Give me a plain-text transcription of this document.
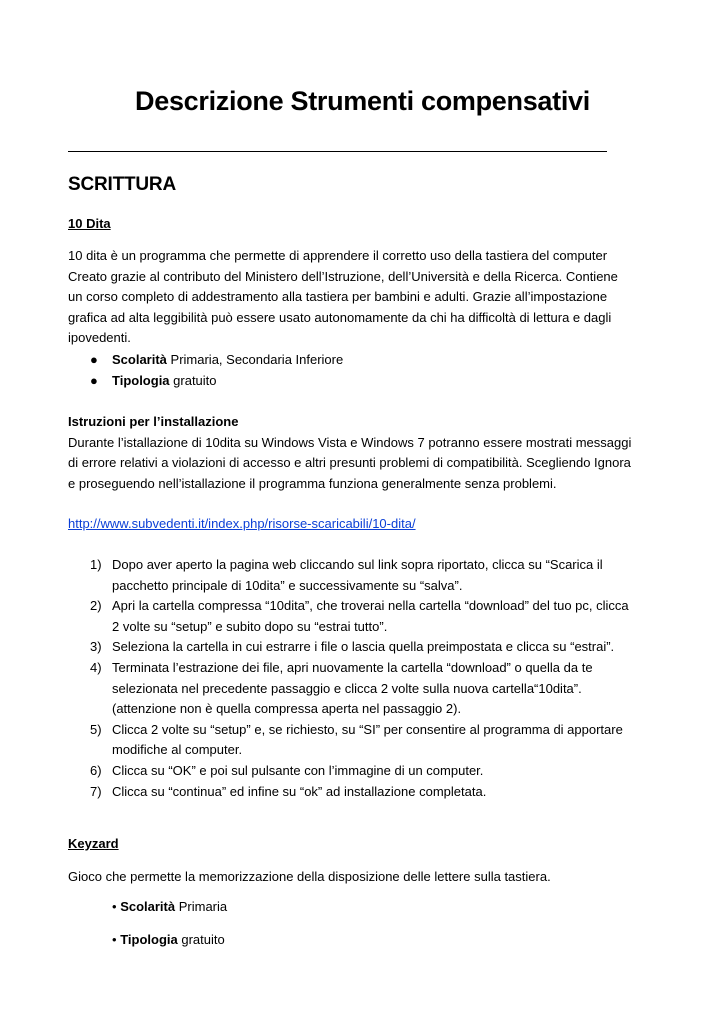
Descrizione Strumenti compensativi
SCRITTURA
10 Dita
10 dita è un programma che permette di apprendere il corretto uso della tastiera del computer
Creato grazie al contributo del Ministero dell’Istruzione, dell’Università e della Ricerca. Contiene
un corso completo di addestramento alla tastiera per bambini e adulti. Grazie all’impostazione
grafica ad alta leggibilità può essere usato autonomamente da chi ha difficoltà di lettura e dagli
ipovedenti.
● Scolarità Primaria, Secondaria Inferiore
● Tipologia gratuito
Istruzioni per l’installazione
Durante l’istallazione di 10dita su Windows Vista e Windows 7 potranno essere mostrati messaggi
di errore relativi a violazioni di accesso e altri presunti problemi di compatibilità. Scegliendo Ignora
e proseguendo nell’istallazione il programma funziona generalmente senza problemi.
http://www.subvedenti.it/index.php/risorse-scaricabili/10-dita/
1) Dopo aver aperto la pagina web cliccando sul link sopra riportato, clicca su “Scarica il
pacchetto principale di 10dita” e successivamente su “salva”.
2) Apri la cartella compressa “10dita”, che troverai nella cartella “download” del tuo pc, clicca
2 volte su “setup” e subito dopo su “estrai tutto”.
3) Seleziona la cartella in cui estrarre i file o lascia quella preimpostata e clicca su “estrai”.
4) Terminata l’estrazione dei file, apri nuovamente la cartella “download” o quella da te
selezionata nel precedente passaggio e clicca 2 volte sulla nuova cartella“10dita”.
(attenzione non è quella compressa aperta nel passaggio 2).
5) Clicca 2 volte su “setup” e, se richiesto, su “SI” per consentire al programma di apportare
modifiche al computer.
6) Clicca su “OK” e poi sul pulsante con l’immagine di un computer.
7) Clicca su “continua” ed infine su “ok” ad installazione completata.
Keyzard
Gioco che permette la memorizzazione della disposizione delle lettere sulla tastiera.
• Scolarità Primaria
• Tipologia gratuito
